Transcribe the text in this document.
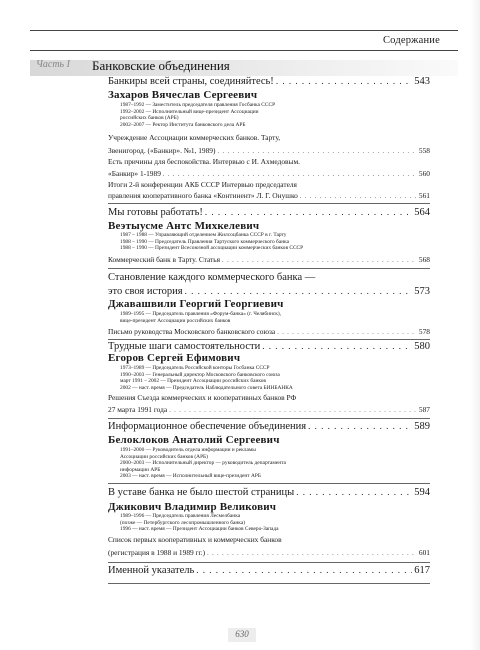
Содержание
Часть I Банковские объединения
Банкиры всей страны, соединяйтесь! . . .	543
Захаров Вячеслав Сергеевич
1987–1992 — Заместитель председателя правления Госбанка СССР
1992–2002 — Исполнительный вице-президент Ассоциации
российских банков (АРБ)
2002–2007 — Ректор Института банковского дела АРБ
Учреждение Ассоциации коммерческих банков. Тарту,
Звенигород. («Банкир». №1, 1989) . . .	558
Есть причины для беспокойства. Интервью с И. Ахмедовым.
«Банкир» 1-1989 . . .	560
Итоги 2-й конференции АКБ СССР Интервью председателя
правления кооперативного банка «Континент» Л. Г. Онушко . . .	561
Мы готовы работать! . . .	564
Веэтыусме Антс Михкелевич
1987 – 1988 — Управляющий отделением Жилсоцбанка СССР в г. Тарту
1988 – 1990 — Председатель Правления Тартуского коммерческого банка
1988 – 1990 — Президент Всесоюзной ассоциации коммерческих банков СССР
Коммерческий банк в Тарту. Статья . . .	568
Становление каждого коммерческого банка —
это своя история . . .	573
Джавашвили Георгий Георгиевич
1989–1995 — Председатель правления «Форум-банка» (г. Челябинск),
вице-президент Ассоциации российских банков
Письмо руководства Московского банковского союза . . .	578
Трудные шаги самостоятельности . . .	580
Егоров Сергей Ефимович
1973–1989 — Председатель Российской конторы Госбанка СССР
1990–2003 — Генеральный директор Московского банковского союза
март 1991 – 2002 — Президент Ассоциации российских банков
2002 — наст. время — Председатель Наблюдательного совета БИНБАНКА
Решения Съезда коммерческих и кооперативных банков РФ
27 марта 1991 года . . .	587
Информационное обеспечение объединения . . .	589
Белоклоков Анатолий Сергеевич
1991–2000 — Руководитель отдела информации и рекламы
Ассоциации российских банков (АРБ)
2000–2003 — Исполнительный директор — руководитель департамента
информации АРБ
2003 — наст. время — Исполнительный вице-президент АРБ
В уставе банка не было шестой страницы . . .	594
Джикович Владимир Великович
1989–1996 — Председатель правления Лесмелбанка
(позже — Петербургского лесопромышленного банка)
1996 — наст. время — Президент Ассоциации банков Северо-Запада
Список первых кооперативных и коммерческих банков
(регистрация в 1988 и 1989 гг.) . . .	601
Именной указатель . . .	617
630
